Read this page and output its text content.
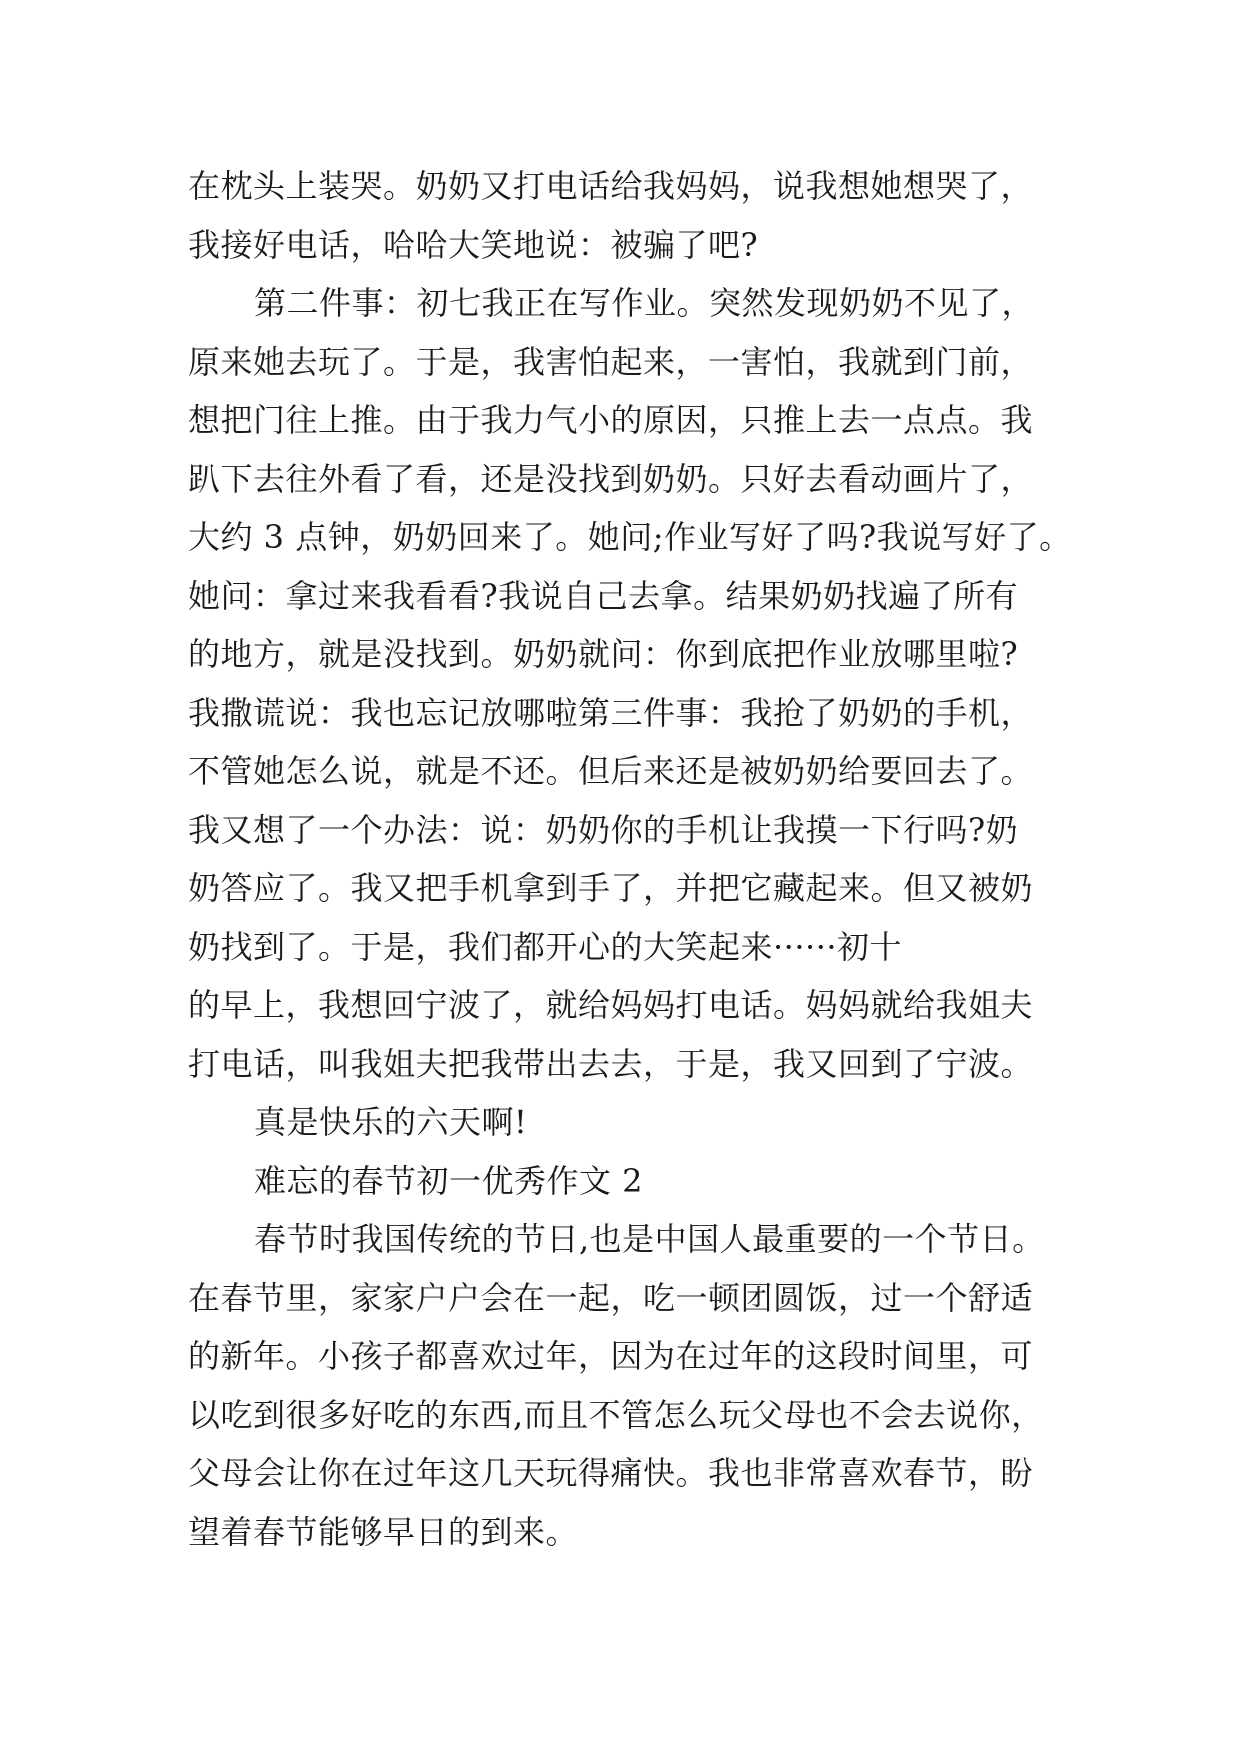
在枕头上装哭。奶奶又打电话给我妈妈，说我想她想哭了，
我接好电话，哈哈大笑地说：被骗了吧?
第二件事：初七我正在写作业。突然发现奶奶不见了，
原来她去玩了。于是，我害怕起来，一害怕，我就到门前，
想把门往上推。由于我力气小的原因，只推上去一点点。我
趴下去往外看了看，还是没找到奶奶。只好去看动画片了，
大约 3 点钟，奶奶回来了。她问;作业写好了吗?我说写好了。
她问：拿过来我看看?我说自己去拿。结果奶奶找遍了所有
的地方，就是没找到。奶奶就问：你到底把作业放哪里啦?
我撒谎说：我也忘记放哪啦第三件事：我抢了奶奶的手机，
不管她怎么说，就是不还。但后来还是被奶奶给要回去了。
我又想了一个办法：说：奶奶你的手机让我摸一下行吗?奶
奶答应了。我又把手机拿到手了，并把它藏起来。但又被奶
奶找到了。于是，我们都开心的大笑起来······初十
的早上，我想回宁波了，就给妈妈打电话。妈妈就给我姐夫
打电话，叫我姐夫把我带出去去，于是，我又回到了宁波。
真是快乐的六天啊!
难忘的春节初一优秀作文 2
春节时我国传统的节日,也是中国人最重要的一个节日。
在春节里，家家户户会在一起，吃一顿团圆饭，过一个舒适
的新年。小孩子都喜欢过年，因为在过年的这段时间里，可
以吃到很多好吃的东西,而且不管怎么玩父母也不会去说你，
父母会让你在过年这几天玩得痛快。我也非常喜欢春节，盼
望着春节能够早日的到来。
